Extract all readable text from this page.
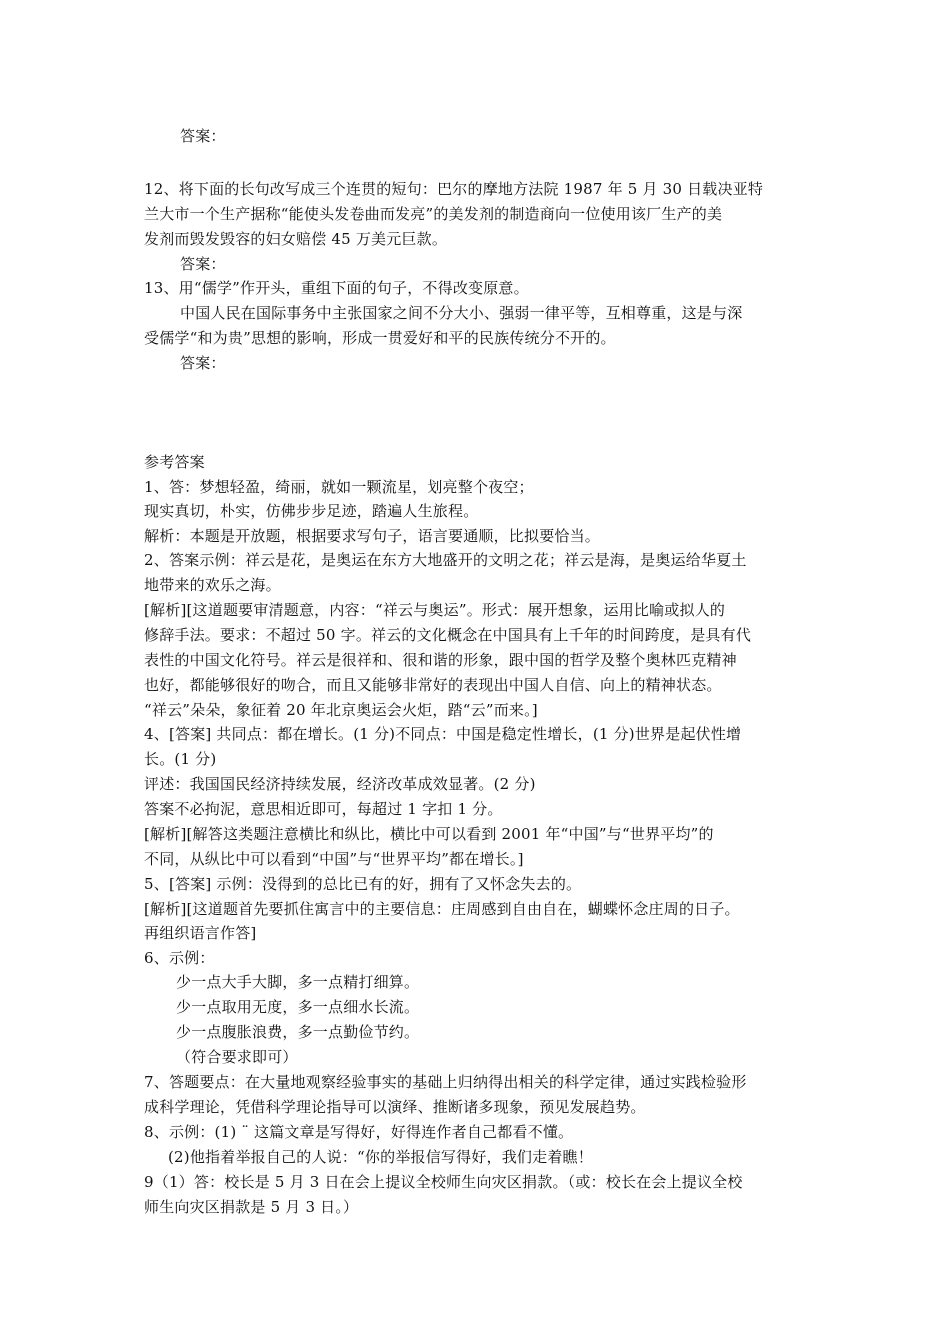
答案：
12、将下面的长句改写成三个连贯的短句：巴尔的摩地方法院 1987 年 5 月 30 日载决亚特
兰大市一个生产据称“能使头发卷曲而发亮”的美发剂的制造商向一位使用该厂生产的美
发剂而毁发毁容的妇女赔偿 45 万美元巨款。
答案：
13、用“儒学”作开头，重组下面的句子，不得改变原意。
中国人民在国际事务中主张国家之间不分大小、强弱一律平等，互相尊重，这是与深
受儒学“和为贵”思想的影响，形成一贯爱好和平的民族传统分不开的。
答案：
参考答案
1、答：梦想轻盈，绮丽，就如一颗流星，划亮整个夜空；
现实真切，朴实，仿佛步步足迹，踏遍人生旅程。
解析：本题是开放题，根据要求写句子，语言要通顺，比拟要恰当。
2、答案示例：祥云是花，是奥运在东方大地盛开的文明之花；祥云是海，是奥运给华夏土
地带来的欢乐之海。
[解析][这道题要审清题意，内容：“祥云与奥运”。形式：展开想象，运用比喻或拟人的
修辞手法。要求：不超过 50 字。祥云的文化概念在中国具有上千年的时间跨度，是具有代
表性的中国文化符号。祥云是很祥和、很和谐的形象，跟中国的哲学及整个奥林匹克精神
也好，都能够很好的吻合，而且又能够非常好的表现出中国人自信、向上的精神状态。
“祥云”朵朵，象征着 20 年北京奥运会火炬，踏“云”而来。]
4、[答案] 共同点：都在增长。(1 分)不同点：中国是稳定性增长，(1 分)世界是起伏性增
长。(1 分)
评述：我国国民经济持续发展，经济改革成效显著。(2 分)
答案不必拘泥，意思相近即可，每超过 1 字扣 1 分。
[解析][解答这类题注意横比和纵比，横比中可以看到 2001 年“中国”与“世界平均”的
不同，从纵比中可以看到“中国”与“世界平均”都在增长。]
5、[答案] 示例：没得到的总比已有的好，拥有了又怀念失去的。
[解析][这道题首先要抓住寓言中的主要信息：庄周感到自由自在，蝴蝶怀念庄周的日子。
再组织语言作答]
6、示例：
少一点大手大脚，多一点精打细算。
少一点取用无度，多一点细水长流。
少一点腹胀浪费，多一点勤俭节约。
（符合要求即可）
7、答题要点：在大量地观察经验事实的基础上归纳得出相关的科学定律，通过实践检验形
成科学理论，凭借科学理论指导可以演绎、推断诸多现象，预见发展趋势。
8、示例：(1) ¨ 这篇文章是写得好，好得连作者自己都看不懂。
(2)他指着举报自己的人说：“你的举报信写得好，我们走着瞧！
9（1）答：校长是 5 月 3 日在会上提议全校师生向灾区捐款。（或：校长在会上提议全校
师生向灾区捐款是 5 月 3 日。）
